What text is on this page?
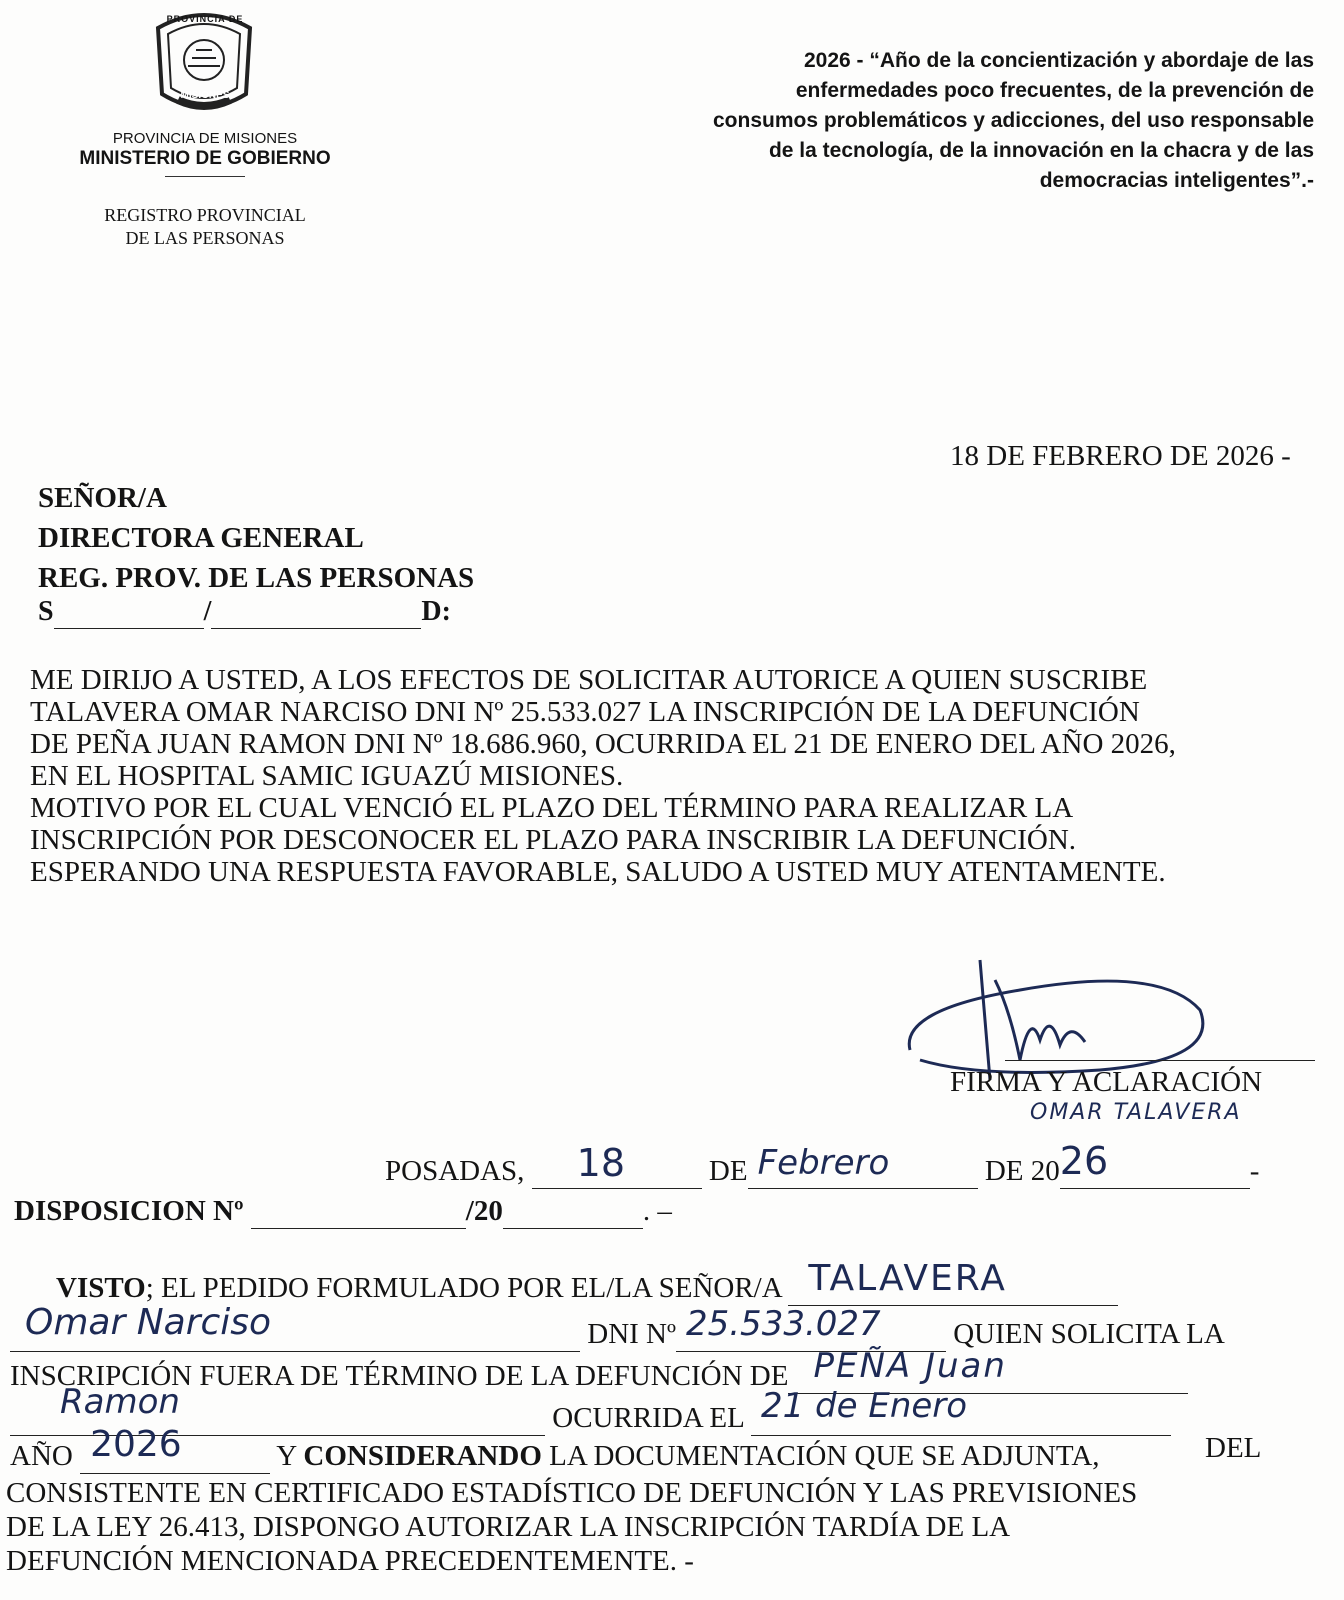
PROVINCIA DE
MISIONES
PROVINCIA DE MISIONES
MINISTERIO DE GOBIERNO
REGISTRO PROVINCIAL
DE LAS PERSONAS
2026 - “Año de la concientización y abordaje de las
enfermedades poco frecuentes, de la prevención de
consumos problemáticos y adicciones, del uso responsable
de la tecnología, de la innovación en la chacra y de las
democracias inteligentes”.-
18 DE FEBRERO DE 2026 -
SEÑOR/A
DIRECTORA GENERAL
REG. PROV. DE LAS PERSONAS
S	/	D:
ME DIRIJO A USTED, A LOS EFECTOS DE SOLICITAR AUTORICE A QUIEN SUSCRIBE
TALAVERA OMAR NARCISO DNI Nº 25.533.027 LA INSCRIPCIÓN DE LA DEFUNCIÓN
DE PEÑA JUAN RAMON DNI Nº 18.686.960, OCURRIDA EL 21 DE ENERO DEL AÑO 2026,
EN EL HOSPITAL SAMIC IGUAZÚ MISIONES.
MOTIVO POR EL CUAL VENCIÓ EL PLAZO DEL TÉRMINO PARA REALIZAR LA
INSCRIPCIÓN POR DESCONOCER EL PLAZO PARA INSCRIBIR LA DEFUNCIÓN.
ESPERANDO UNA RESPUESTA FAVORABLE, SALUDO A USTED MUY ATENTAMENTE.
FIRMA Y ACLARACIÓN
OMAR TALAVERA
POSADAS, 18	DE Febrero	DE 20 26	-
DISPOSICION Nº	/20	. –
VISTO; EL PEDIDO FORMULADO POR EL/LA SEÑOR/A TALAVERA

Omar Narciso	DNI Nº 25.533.027	QUIEN SOLICITA LA
INSCRIPCIÓN FUERA DE TÉRMINO DE LA DEFUNCIÓN DE PEÑA Juan

Ramon	OCURRIDA EL 21 de Enero

AÑO 2026	Y CONSIDERANDO LA DOCUMENTACIÓN QUE SE ADJUNTA,	DEL
CONSISTENTE EN CERTIFICADO ESTADÍSTICO DE DEFUNCIÓN Y LAS PREVISIONES
DE LA LEY 26.413, DISPONGO AUTORIZAR LA INSCRIPCIÓN TARDÍA DE LA
DEFUNCIÓN MENCIONADA PRECEDENTEMENTE. -
